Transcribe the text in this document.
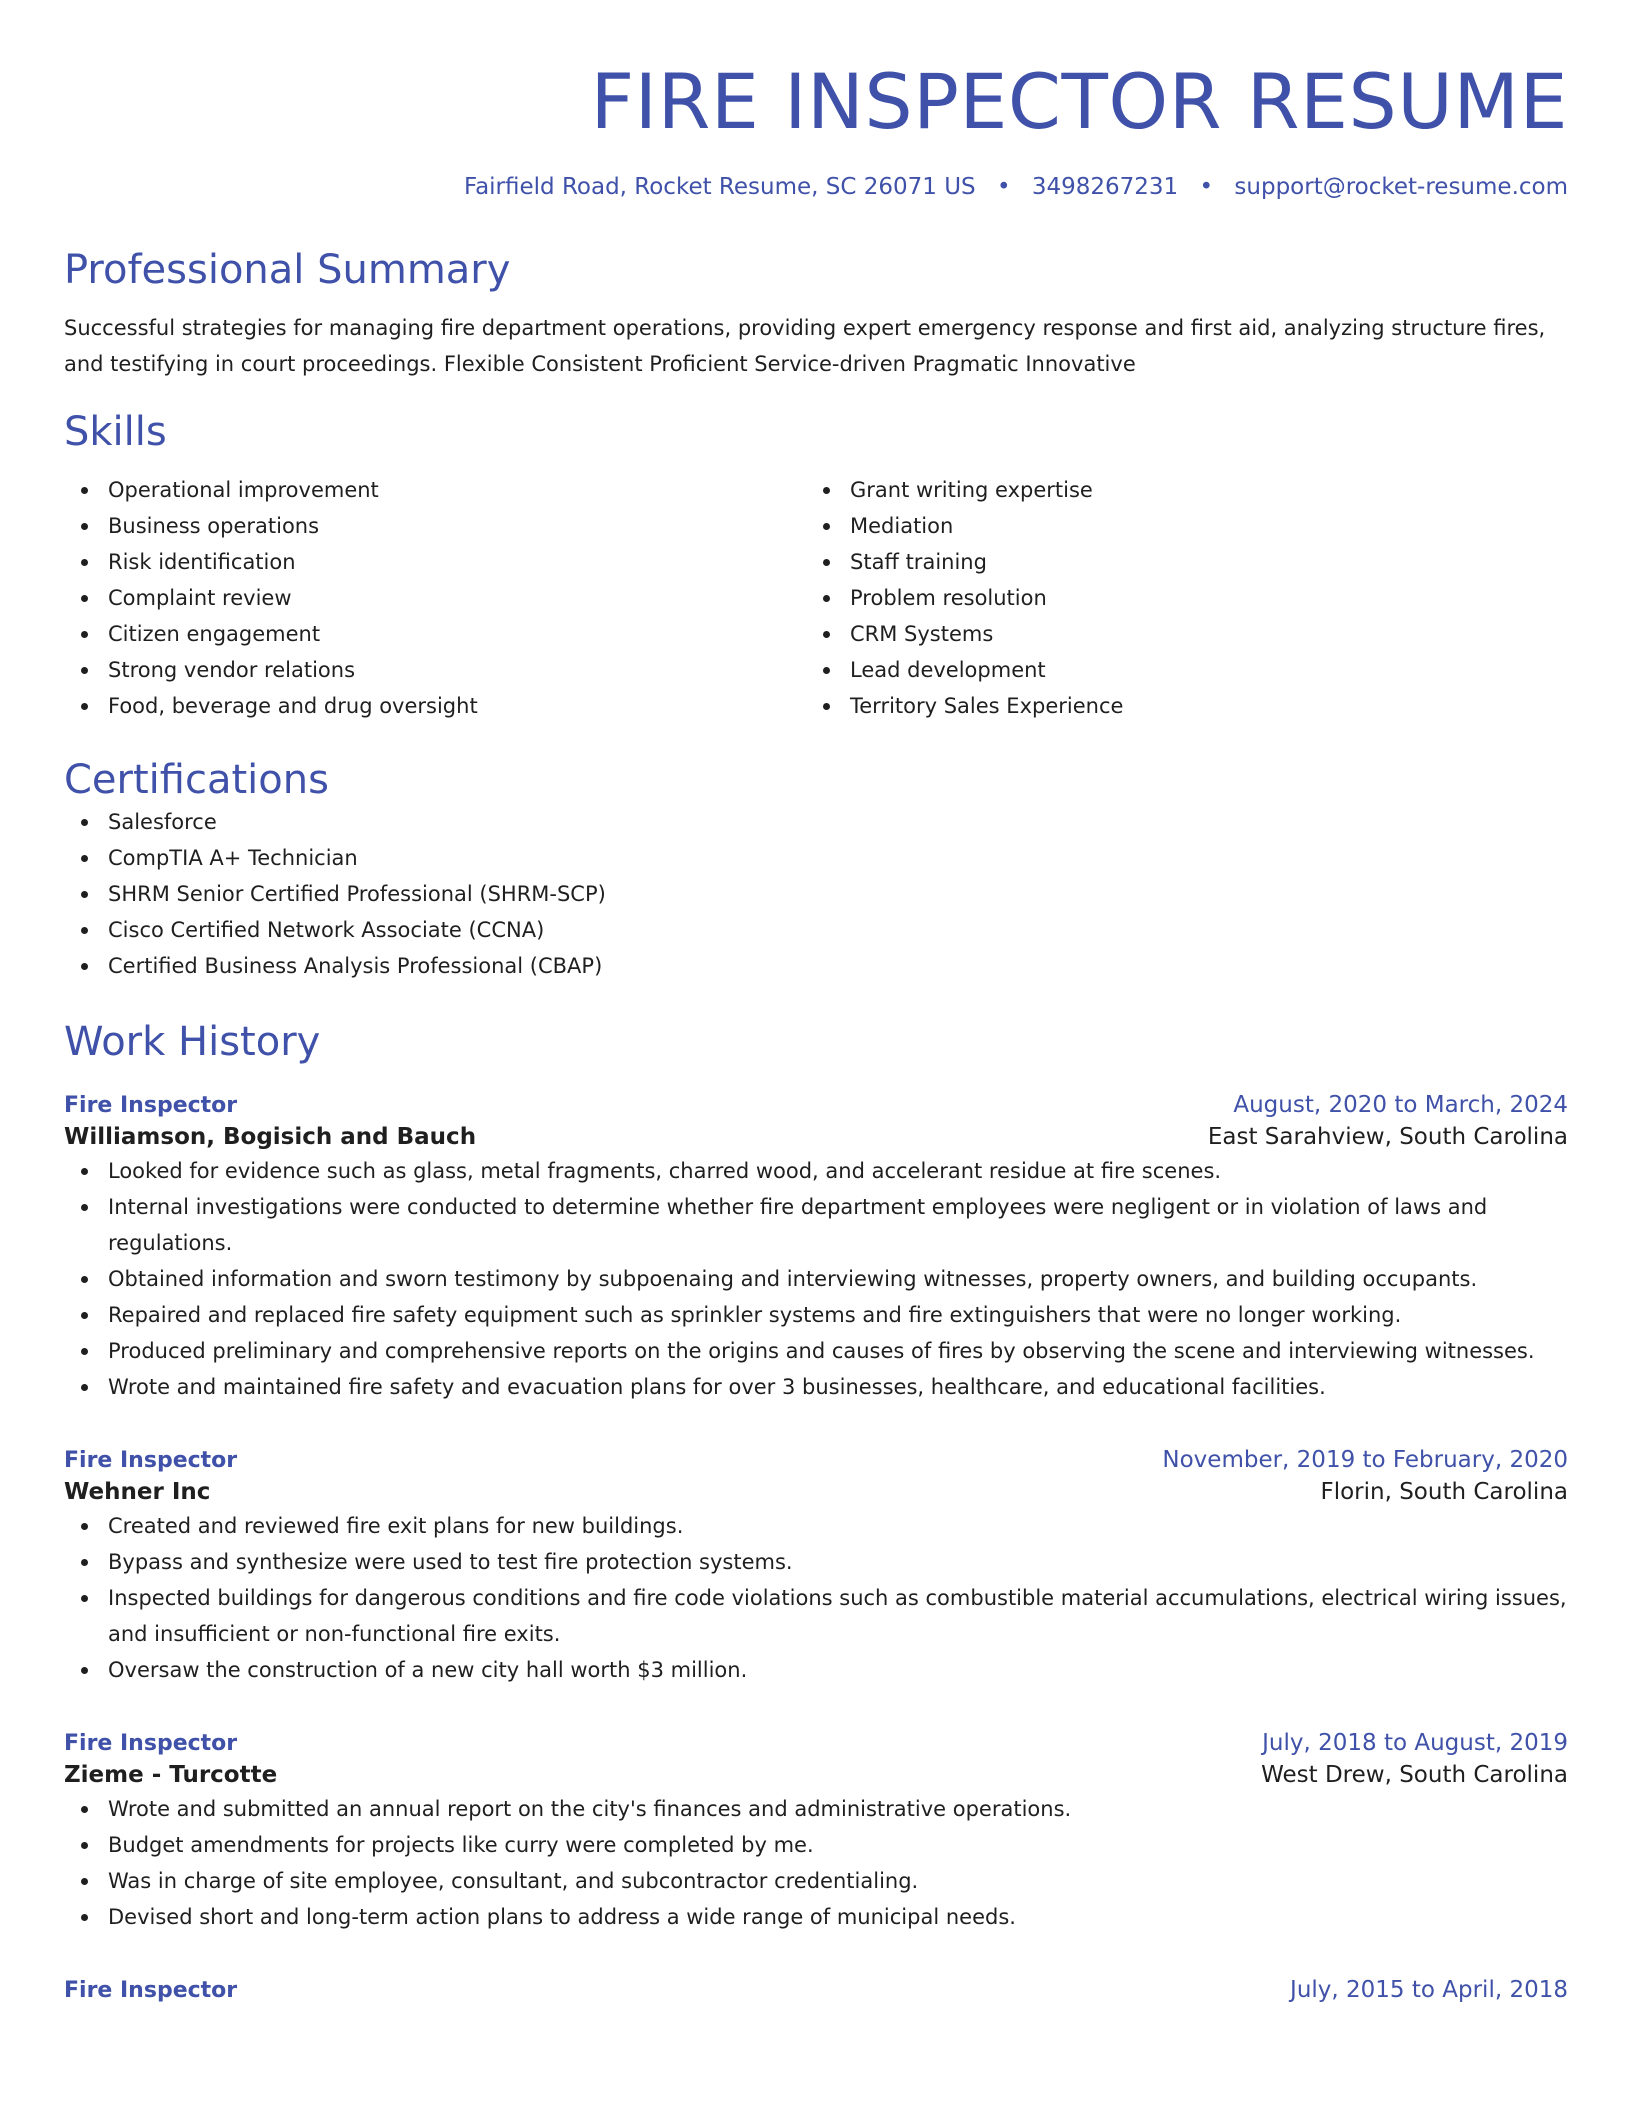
FIRE INSPECTOR RESUME
Fairfield Road, Rocket Resume, SC 26071 US • 3498267231 • support@rocket-resume.com
Professional Summary

Successful strategies for managing fire department operations, providing expert emergency response and first aid, analyzing structure fires, and testifying in court proceedings. Flexible Consistent Proficient Service-driven Pragmatic Innovative

Skills
Operational improvement
Business operations
Risk identification
Complaint review
Citizen engagement
Strong vendor relations
Food, beverage and drug oversight
Grant writing expertise
Mediation
Staff training
Problem resolution
CRM Systems
Lead development
Territory Sales Experience
Certifications
Salesforce
CompTIA A+ Technician
SHRM Senior Certified Professional (SHRM-SCP)
Cisco Certified Network Associate (CCNA)
Certified Business Analysis Professional (CBAP)
Work History
Fire Inspector	August, 2020 to March, 2024
Williamson, Bogisich and Bauch	East Sarahview, South Carolina
Looked for evidence such as glass, metal fragments, charred wood, and accelerant residue at fire scenes.
Internal investigations were conducted to determine whether fire department employees were negligent or in violation of laws and regulations.
Obtained information and sworn testimony by subpoenaing and interviewing witnesses, property owners, and building occupants.
Repaired and replaced fire safety equipment such as sprinkler systems and fire extinguishers that were no longer working.
Produced preliminary and comprehensive reports on the origins and causes of fires by observing the scene and interviewing witnesses.
Wrote and maintained fire safety and evacuation plans for over 3 businesses, healthcare, and educational facilities.
Fire Inspector	November, 2019 to February, 2020
Wehner Inc	Florin, South Carolina
Created and reviewed fire exit plans for new buildings.
Bypass and synthesize were used to test fire protection systems.
Inspected buildings for dangerous conditions and fire code violations such as combustible material accumulations, electrical wiring issues, and insufficient or non-functional fire exits.
Oversaw the construction of a new city hall worth $3 million.
Fire Inspector	July, 2018 to August, 2019
Zieme - Turcotte	West Drew, South Carolina
Wrote and submitted an annual report on the city's finances and administrative operations.
Budget amendments for projects like curry were completed by me.
Was in charge of site employee, consultant, and subcontractor credentialing.
Devised short and long-term action plans to address a wide range of municipal needs.
Fire Inspector	July, 2015 to April, 2018
